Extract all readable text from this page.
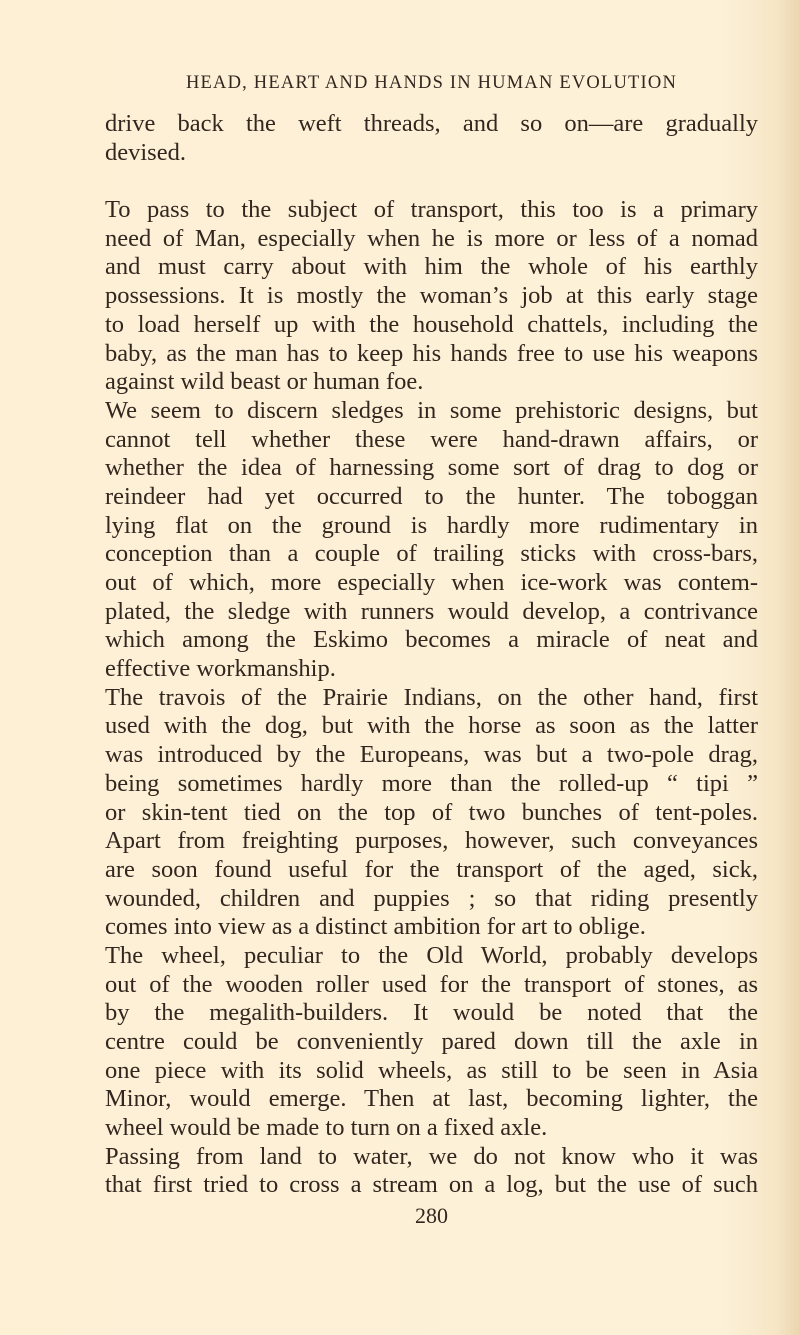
HEAD, HEART AND HANDS IN HUMAN EVOLUTION
drive back the weft threads, and so on—are gradually
devised.
To pass to the subject of transport, this too is a primary
need of Man, especially when he is more or less of a nomad
and must carry about with him the whole of his earthly
possessions. It is mostly the woman’s job at this early stage
to load herself up with the household chattels, including the
baby, as the man has to keep his hands free to use his weapons
against wild beast or human foe.
We seem to discern sledges in some prehistoric designs, but
cannot tell whether these were hand-drawn affairs, or
whether the idea of harnessing some sort of drag to dog or
reindeer had yet occurred to the hunter. The toboggan
lying flat on the ground is hardly more rudimentary in
conception than a couple of trailing sticks with cross-bars,
out of which, more especially when ice-work was contem-
plated, the sledge with runners would develop, a contrivance
which among the Eskimo becomes a miracle of neat and
effective workmanship.
The travois of the Prairie Indians, on the other hand, first
used with the dog, but with the horse as soon as the latter
was introduced by the Europeans, was but a two-pole drag,
being sometimes hardly more than the rolled-up “ tipi ”
or skin-tent tied on the top of two bunches of tent-poles.
Apart from freighting purposes, however, such conveyances
are soon found useful for the transport of the aged, sick,
wounded, children and puppies ; so that riding presently
comes into view as a distinct ambition for art to oblige.
The wheel, peculiar to the Old World, probably develops
out of the wooden roller used for the transport of stones, as
by the megalith-builders. It would be noted that the
centre could be conveniently pared down till the axle in
one piece with its solid wheels, as still to be seen in Asia
Minor, would emerge. Then at last, becoming lighter, the
wheel would be made to turn on a fixed axle.
Passing from land to water, we do not know who it was
that first tried to cross a stream on a log, but the use of such
280
